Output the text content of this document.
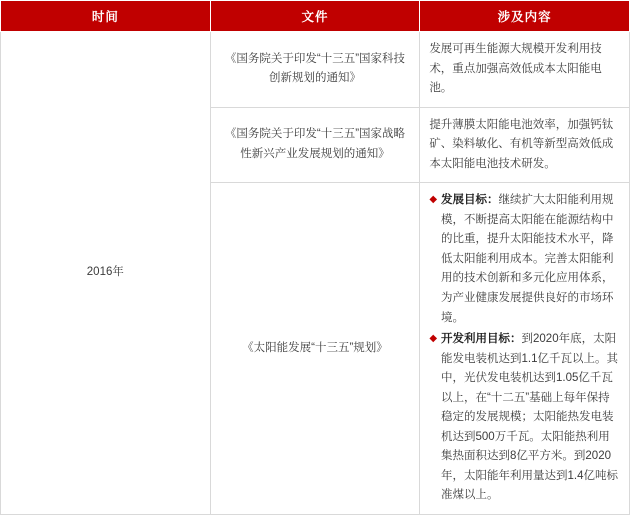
时间	文件	涉及内容

2016年	《国务院关于印发“十三五”国家科技创新规划的通知》	发展可再生能源大规模开发利用技术，重点加强高效低成本太阳能电池。

	《国务院关于印发“十三五”国家战略性新兴产业发展规划的通知》	提升薄膜太阳能电池效率，加强钙钛矿、染料敏化、有机等新型高效低成本太阳能电池技术研发。

	《太阳能发展“十三五”规划》	◆ 发展目标：继续扩大太阳能利用规模，不断提高太阳能在能源结构中的比重，提升太阳能技术水平，降低太阳能利用成本。完善太阳能利用的技术创新和多元化应用体系，为产业健康发展提供良好的市场环境。
◆ 开发利用目标：到2020年底，太阳能发电装机达到1.1亿千瓦以上。其中，光伏发电装机达到1.05亿千瓦以上，在“十二五”基础上每年保持稳定的发展规模；太阳能热发电装机达到500万千瓦。太阳能热利用集热面积达到8亿平方米。到2020年，太阳能年利用量达到1.4亿吨标准煤以上。
